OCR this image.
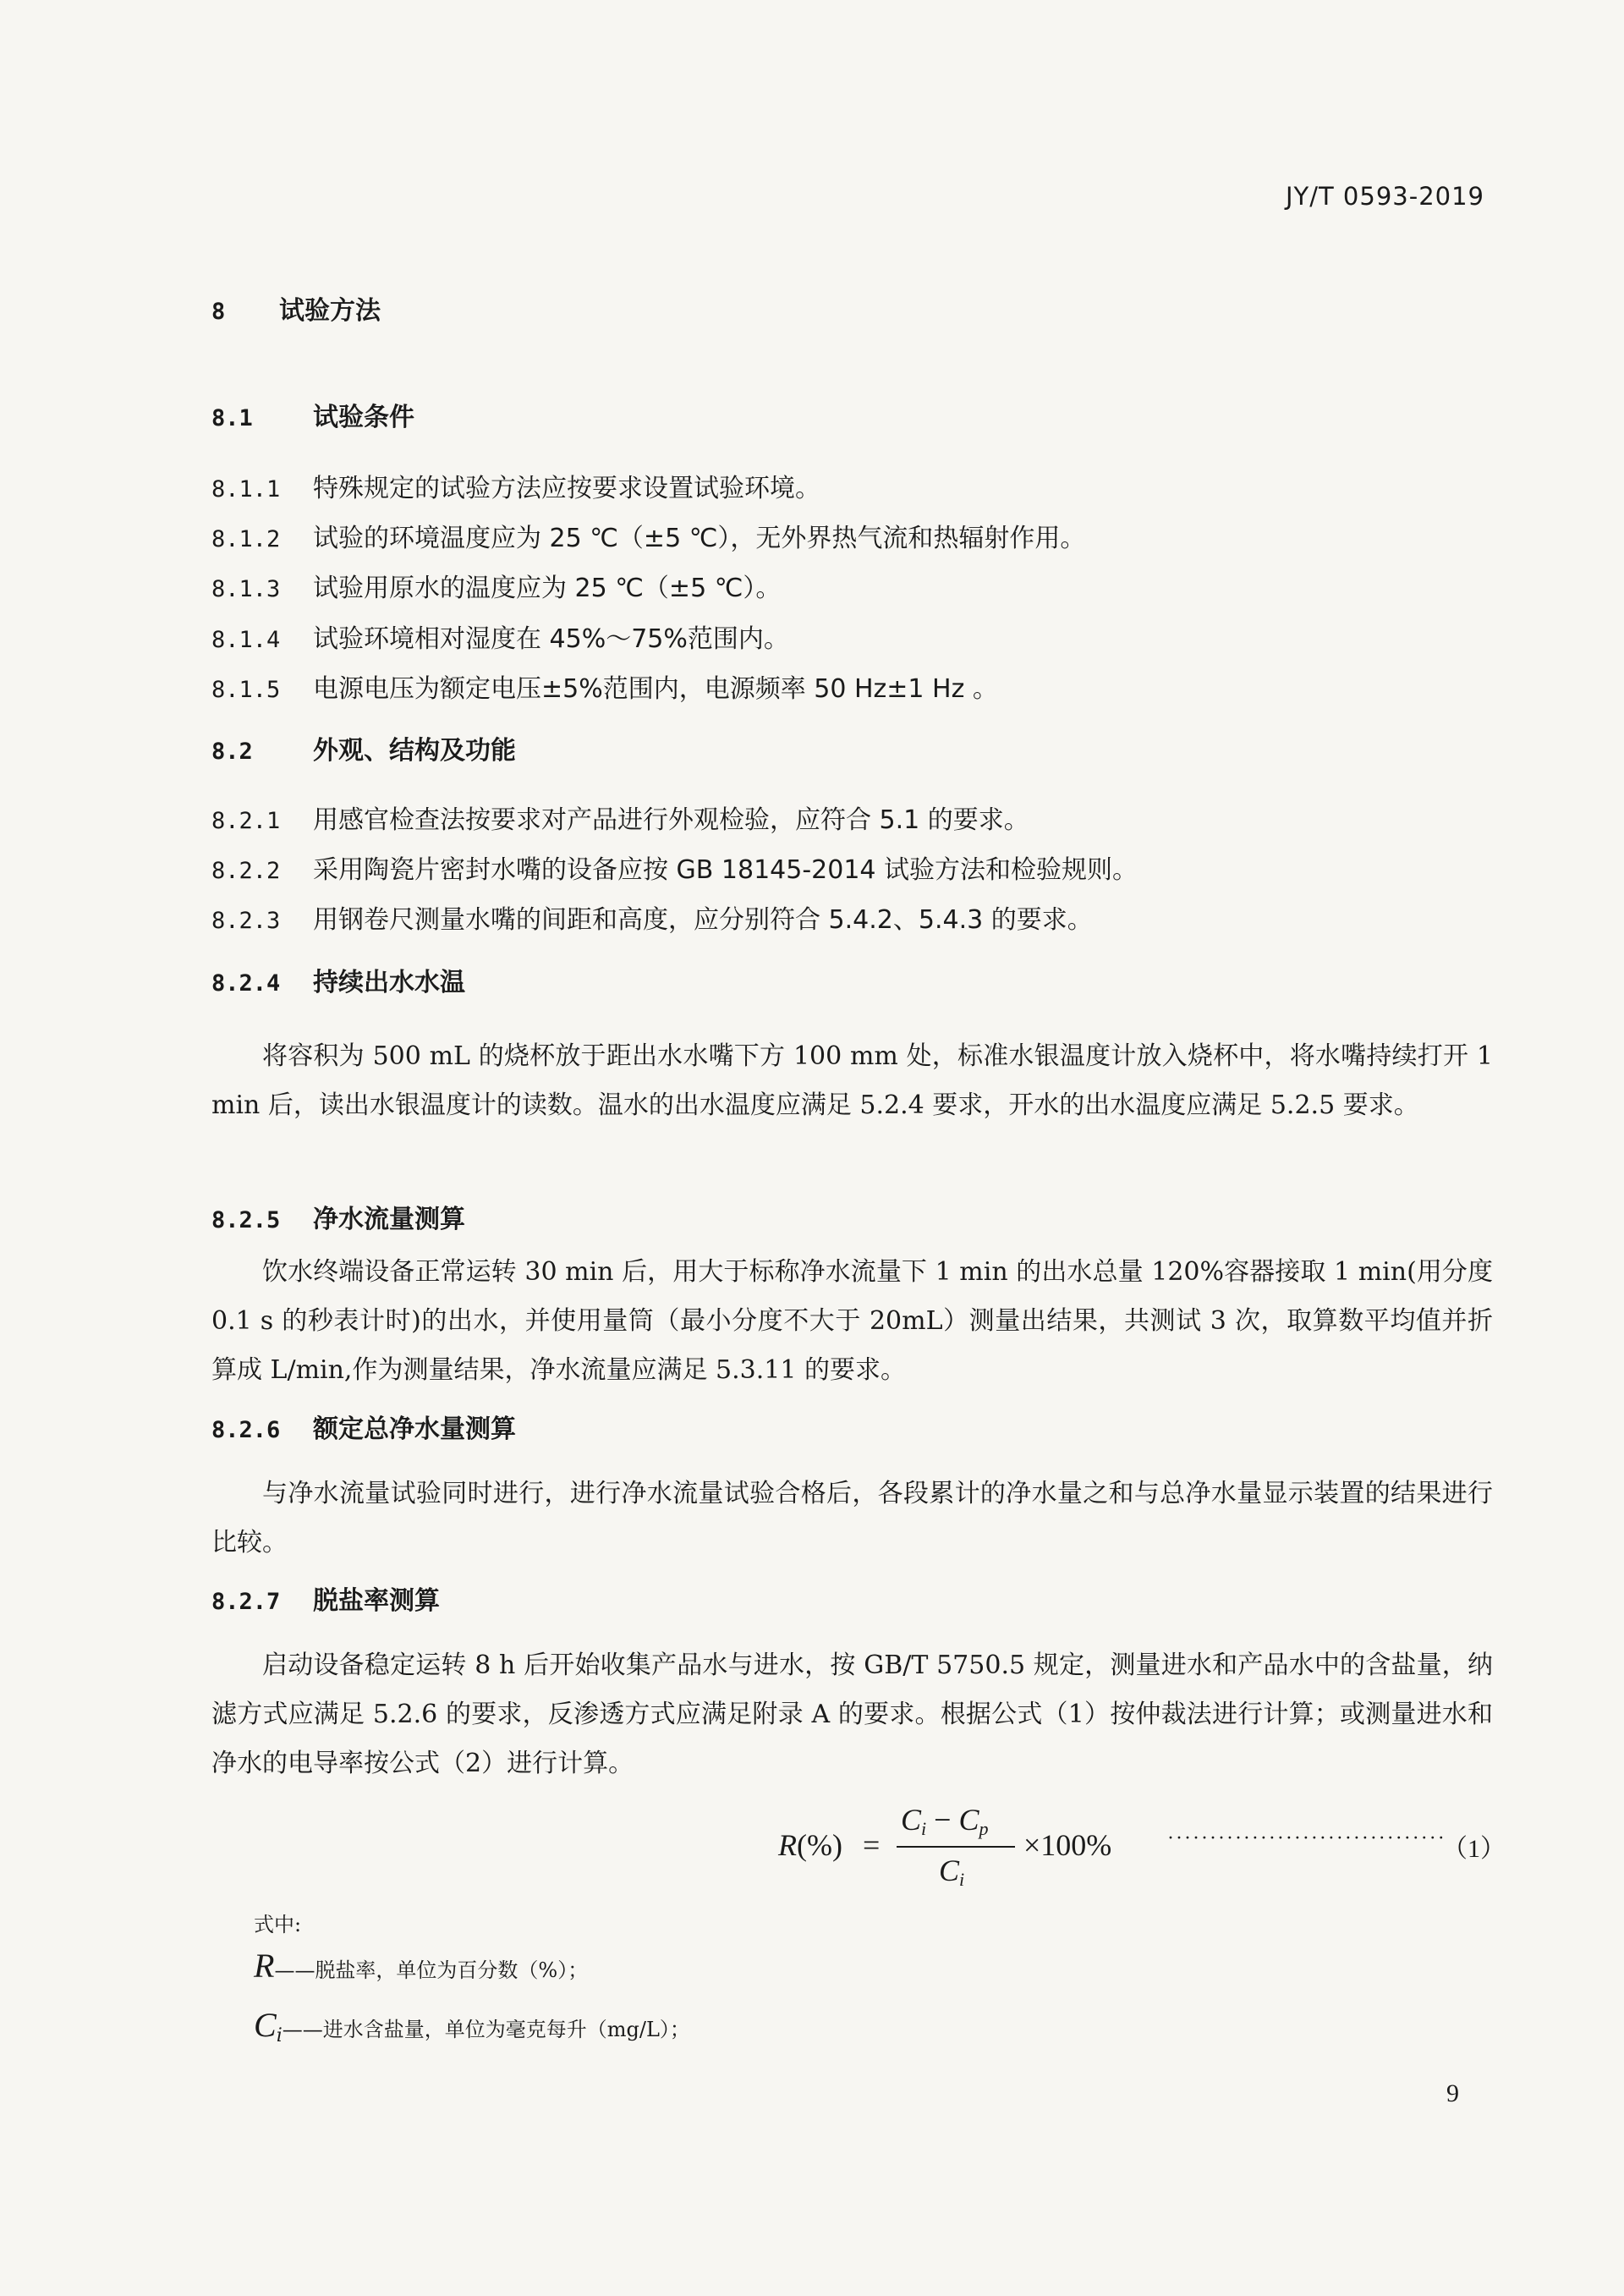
JY/T 0593-2019
8 试验方法
8.1 试验条件
8.1.1 特殊规定的试验方法应按要求设置试验环境。
8.1.2 试验的环境温度应为 25 ℃（±5 ℃），无外界热气流和热辐射作用。
8.1.3 试验用原水的温度应为 25 ℃（±5 ℃）。
8.1.4 试验环境相对湿度在 45%～75%范围内。
8.1.5 电源电压为额定电压±5%范围内，电源频率 50 Hz±1 Hz 。
8.2 外观、结构及功能
8.2.1 用感官检查法按要求对产品进行外观检验，应符合 5.1 的要求。
8.2.2 采用陶瓷片密封水嘴的设备应按 GB 18145-2014 试验方法和检验规则。
8.2.3 用钢卷尺测量水嘴的间距和高度，应分别符合 5.4.2、5.4.3 的要求。
8.2.4 持续出水水温
将容积为 500 mL 的烧杯放于距出水水嘴下方 100 mm 处，标准水银温度计放入烧杯中，将水嘴持续打开 1 min 后，读出水银温度计的读数。温水的出水温度应满足 5.2.4 要求，开水的出水温度应满足 5.2.5 要求。
8.2.5 净水流量测算
饮水终端设备正常运转 30 min 后，用大于标称净水流量下 1 min 的出水总量 120%容器接取 1 min(用分度 0.1 s 的秒表计时)的出水，并使用量筒（最小分度不大于 20mL）测量出结果，共测试 3 次，取算数平均值并折算成 L/min,作为测量结果，净水流量应满足 5.3.11 的要求。
8.2.6 额定总净水量测算
与净水流量试验同时进行，进行净水流量试验合格后，各段累计的净水量之和与总净水量显示装置的结果进行比较。
8.2.7 脱盐率测算
启动设备稳定运转 8 h 后开始收集产品水与进水，按 GB/T 5750.5 规定，测量进水和产品水中的含盐量，纳滤方式应满足 5.2.6 的要求，反渗透方式应满足附录 A 的要求。根据公式（1）按仲裁法进行计算；或测量进水和净水的电导率按公式（2）进行计算。
R(%) =
$C_i - C_p$
$C_i$
×100%	·································
（1）
式中:
R——脱盐率，单位为百分数（%）；
Ci——进水含盐量，单位为毫克每升（mg/L）；
9
